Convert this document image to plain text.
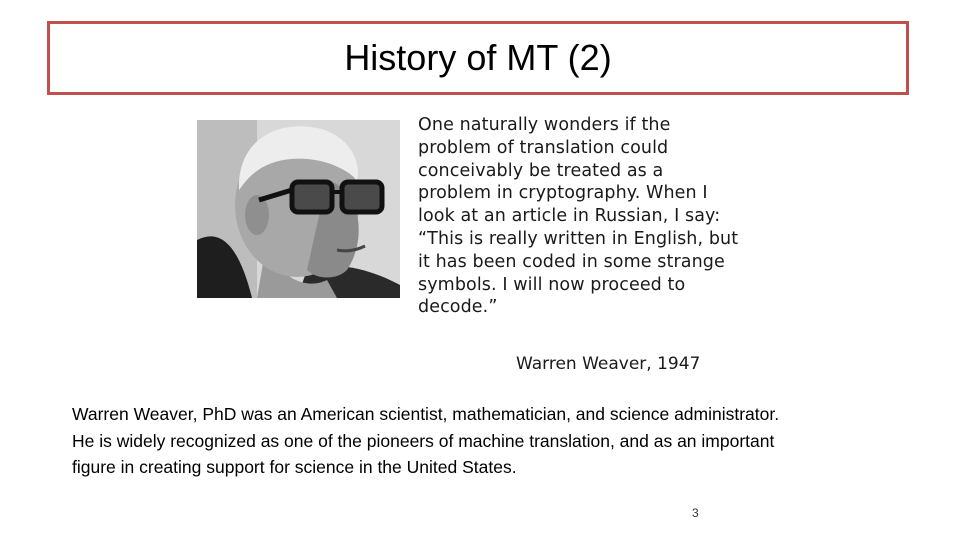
History of MT (2)
One naturally wonders if the
problem of translation could
conceivably be treated as a
problem in cryptography. When I
look at an article in Russian, I say:
“This is really written in English, but
it has been coded in some strange
symbols. I will now proceed to
decode.”
Warren Weaver, 1947
Warren Weaver, PhD was an American scientist, mathematician, and science administrator.
He is widely recognized as one of the pioneers of machine translation, and as an important
figure in creating support for science in the United States.
3
